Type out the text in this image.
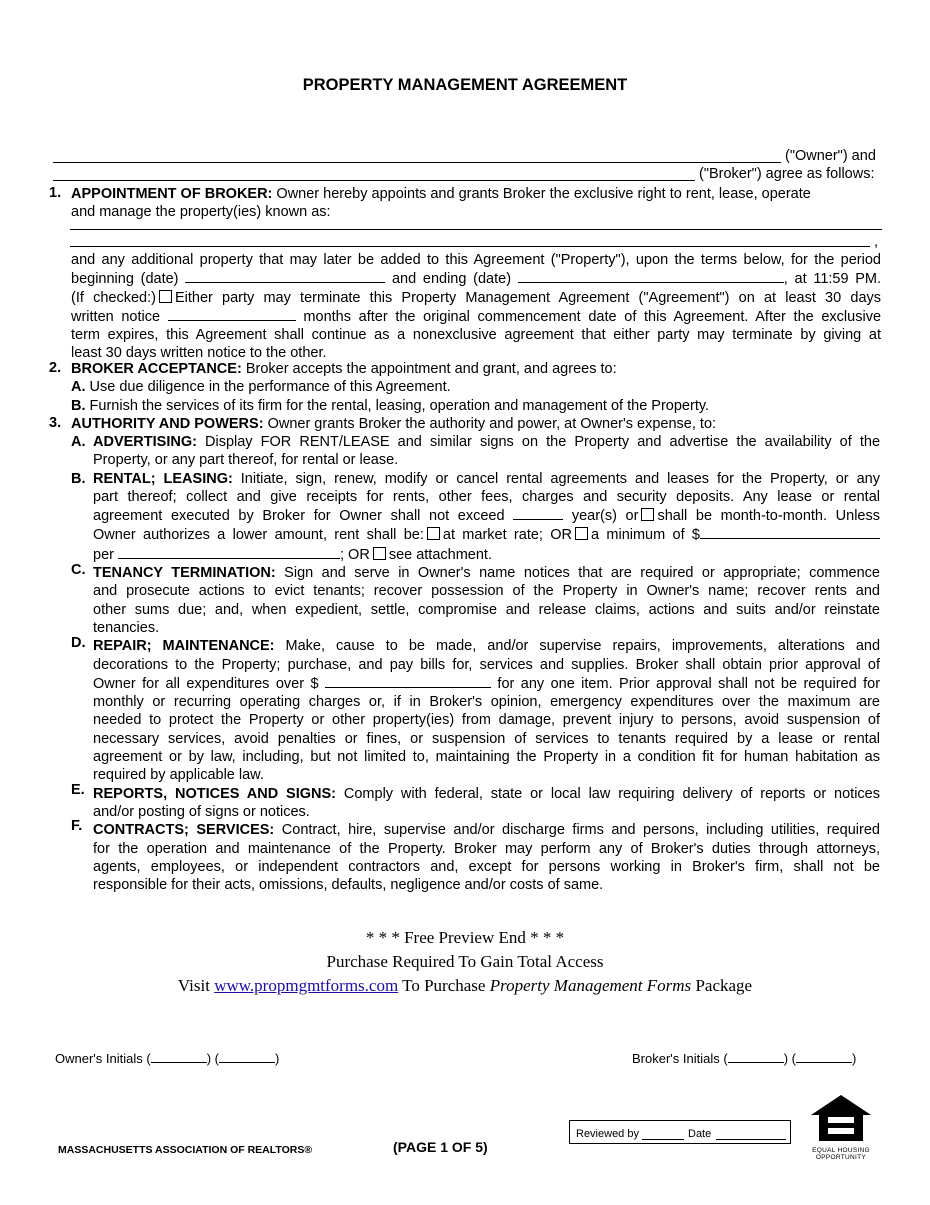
PROPERTY MANAGEMENT AGREEMENT
("Owner") and
("Broker") agree as follows:
1. APPOINTMENT OF BROKER: Owner hereby appoints and grants Broker the exclusive right to rent, lease, operate
and manage the property(ies) known as:
,
and any additional property that may later be added to this Agreement ("Property"), upon the terms below, for the period
beginning (date)	and ending (date)	, at 11:59 PM.
(If checked:) Either party may terminate this Property Management Agreement ("Agreement") on at least 30 days
written notice	months after the original commencement date of this Agreement. After the exclusive
term expires, this Agreement shall continue as a nonexclusive agreement that either party may terminate by giving at
least 30 days written notice to the other.
2. BROKER ACCEPTANCE: Broker accepts the appointment and grant, and agrees to:
A. Use due diligence in the performance of this Agreement.
B. Furnish the services of its firm for the rental, leasing, operation and management of the Property.
3. AUTHORITY AND POWERS: Owner grants Broker the authority and power, at Owner's expense, to:
A.
B.
C.
D.
E.
F.
ADVERTISING: Display FOR RENT/LEASE and similar signs on the Property and advertise the availability of the
Property, or any part thereof, for rental or lease.
RENTAL; LEASING: Initiate, sign, renew, modify or cancel rental agreements and leases for the Property, or any
part thereof; collect and give receipts for rents, other fees, charges and security deposits. Any lease or rental
agreement executed by Broker for Owner shall not exceed	year(s) or shall be month-to-month. Unless
Owner authorizes a lower amount, rent shall be: at market rate; OR a minimum of $
per	; OR see attachment.
TENANCY TERMINATION: Sign and serve in Owner's name notices that are required or appropriate; commence
and prosecute actions to evict tenants; recover possession of the Property in Owner's name; recover rents and
other sums due; and, when expedient, settle, compromise and release claims, actions and suits and/or reinstate
tenancies.
REPAIR; MAINTENANCE: Make, cause to be made, and/or supervise repairs, improvements, alterations and
decorations to the Property; purchase, and pay bills for, services and supplies. Broker shall obtain prior approval of
Owner for all expenditures over $	for any one item. Prior approval shall not be required for
monthly or recurring operating charges or, if in Broker's opinion, emergency expenditures over the maximum are
needed to protect the Property or other property(ies) from damage, prevent injury to persons, avoid suspension of
necessary services, avoid penalties or fines, or suspension of services to tenants required by a lease or rental
agreement or by law, including, but not limited to, maintaining the Property in a condition fit for human habitation as
required by applicable law.
REPORTS, NOTICES AND SIGNS: Comply with federal, state or local law requiring delivery of reports or notices
and/or posting of signs or notices.
CONTRACTS; SERVICES: Contract, hire, supervise and/or discharge firms and persons, including utilities, required
for the operation and maintenance of the Property. Broker may perform any of Broker's duties through attorneys,
agents, employees, or independent contractors and, except for persons working in Broker's firm, shall not be
responsible for their acts, omissions, defaults, negligence and/or costs of same.
* * * Free Preview End * * *
Purchase Required To Gain Total Access
Visit www.propmgmtforms.com To Purchase Property Management Forms Package
Owner's Initials (	) (	)	Broker's Initials (	) (	)
MASSACHUSETTS ASSOCIATION OF REALTORS®	(PAGE 1 OF 5)
Reviewed by	Date
EQUAL HOUSING
OPPORTUNITY
